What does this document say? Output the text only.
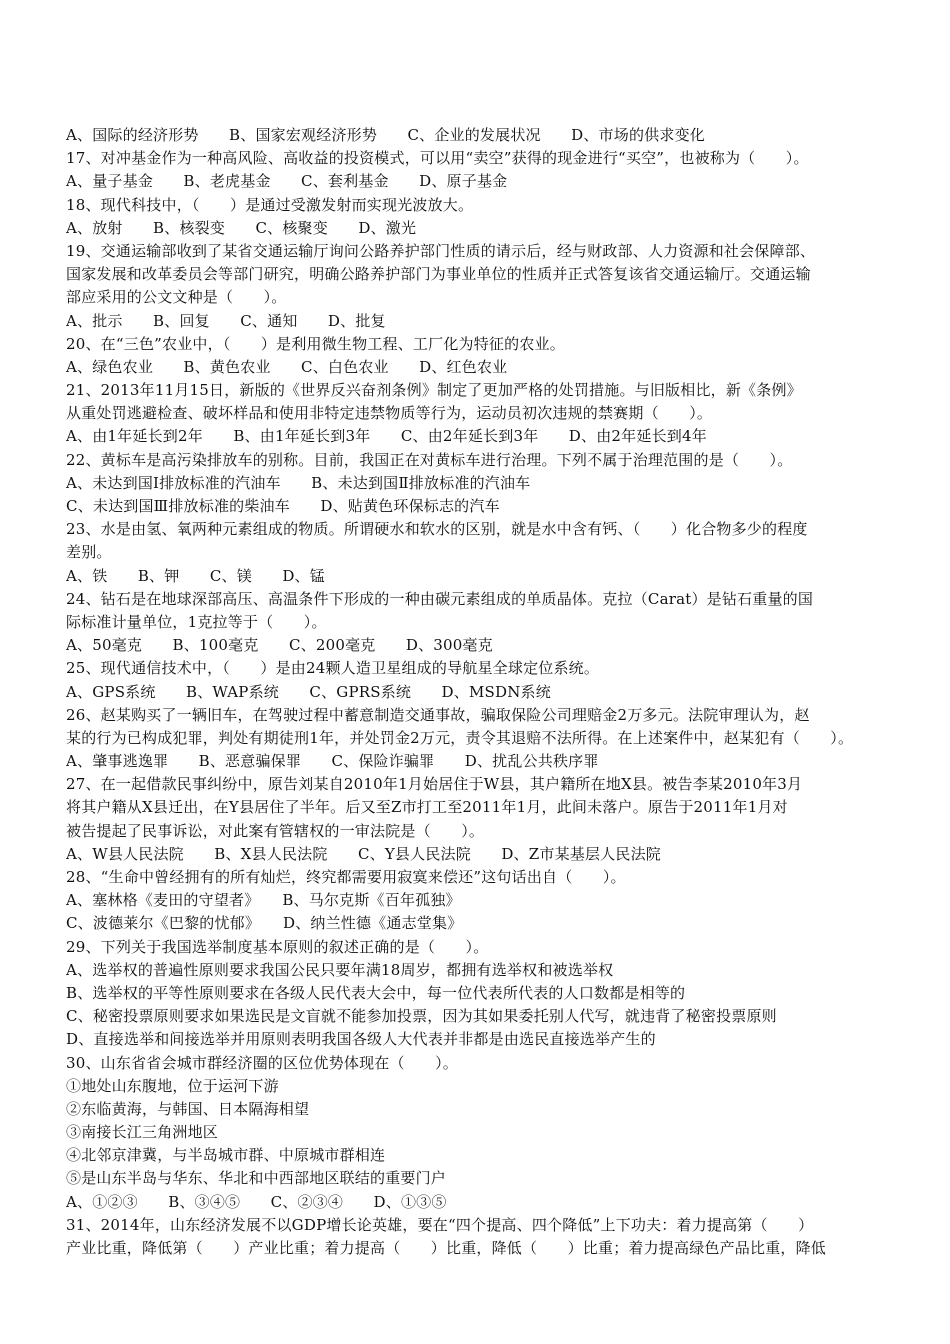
A、国际的经济形势　　B、国家宏观经济形势　　C、企业的发展状况　　D、市场的供求变化
17、对冲基金作为一种高风险、高收益的投资模式，可以用“卖空”获得的现金进行“买空”，也被称为（　　）。
A、量子基金　　B、老虎基金　　C、套利基金　　D、原子基金
18、现代科技中，（　　）是通过受激发射而实现光波放大。
A、放射　　B、核裂变　　C、核聚变　　D、激光
19、交通运输部收到了某省交通运输厅询问公路养护部门性质的请示后，经与财政部、人力资源和社会保障部、
国家发展和改革委员会等部门研究，明确公路养护部门为事业单位的性质并正式答复该省交通运输厅。交通运输
部应采用的公文文种是（　　）。
A、批示　　B、回复　　C、通知　　D、批复
20、在“三色”农业中，（　　）是利用微生物工程、工厂化为特征的农业。
A、绿色农业　　B、黄色农业　　C、白色农业　　D、红色农业
21、2013年11月15日，新版的《世界反兴奋剂条例》制定了更加严格的处罚措施。与旧版相比，新《条例》
从重处罚逃避检查、破坏样品和使用非特定违禁物质等行为，运动员初次违规的禁赛期（　　）。
A、由1年延长到2年　　B、由1年延长到3年　　C、由2年延长到3年　　D、由2年延长到4年
22、黄标车是高污染排放车的别称。目前，我国正在对黄标车进行治理。下列不属于治理范围的是（　　）。
A、未达到国Ⅰ排放标准的汽油车　　B、未达到国Ⅱ排放标准的汽油车
C、未达到国Ⅲ排放标准的柴油车　　D、贴黄色环保标志的汽车
23、水是由氢、氧两种元素组成的物质。所谓硬水和软水的区别，就是水中含有钙、（　　）化合物多少的程度
差别。
A、铁　　B、钾　　C、镁　　D、锰
24、钻石是在地球深部高压、高温条件下形成的一种由碳元素组成的单质晶体。克拉（Carat）是钻石重量的国
际标准计量单位，1克拉等于（　　）。
A、50毫克　　B、100毫克　　C、200毫克　　D、300毫克
25、现代通信技术中，（　　）是由24颗人造卫星组成的导航星全球定位系统。
A、GPS系统　　B、WAP系统　　C、GPRS系统　　D、MSDN系统
26、赵某购买了一辆旧车，在驾驶过程中蓄意制造交通事故，骗取保险公司理赔金2万多元。法院审理认为，赵
某的行为已构成犯罪，判处有期徒刑1年，并处罚金2万元，责令其退赔不法所得。在上述案件中，赵某犯有（　　）。
A、肇事逃逸罪　　B、恶意骗保罪　　C、保险诈骗罪　　D、扰乱公共秩序罪
27、在一起借款民事纠纷中，原告刘某自2010年1月始居住于W县，其户籍所在地X县。被告李某2010年3月
将其户籍从X县迁出，在Y县居住了半年。后又至Z市打工至2011年1月，此间未落户。原告于2011年1月对
被告提起了民事诉讼，对此案有管辖权的一审法院是（　　）。
A、W县人民法院　　B、X县人民法院　　C、Y县人民法院　　D、Z市某基层人民法院
28、“生命中曾经拥有的所有灿烂，终究都需要用寂寞来偿还”这句话出自（　　）。
A、塞林格《麦田的守望者》　　B、马尔克斯《百年孤独》
C、波德莱尔《巴黎的忧郁》　　D、纳兰性德《通志堂集》
29、下列关于我国选举制度基本原则的叙述正确的是（　　）。
A、选举权的普遍性原则要求我国公民只要年满18周岁，都拥有选举权和被选举权
B、选举权的平等性原则要求在各级人民代表大会中，每一位代表所代表的人口数都是相等的
C、秘密投票原则要求如果选民是文盲就不能参加投票，因为其如果委托别人代写，就违背了秘密投票原则
D、直接选举和间接选举并用原则表明我国各级人大代表并非都是由选民直接选举产生的
30、山东省省会城市群经济圈的区位优势体现在（　　）。
①地处山东腹地，位于运河下游
②东临黄海，与韩国、日本隔海相望
③南接长江三角洲地区
④北邻京津冀，与半岛城市群、中原城市群相连
⑤是山东半岛与华东、华北和中西部地区联结的重要门户
A、①②③　　B、③④⑤　　C、②③④　　D、①③⑤
31、2014年，山东经济发展不以GDP增长论英雄，要在“四个提高、四个降低”上下功夫：着力提高第（　　）
产业比重，降低第（　　）产业比重；着力提高（　　）比重，降低（　　）比重；着力提高绿色产品比重，降低
